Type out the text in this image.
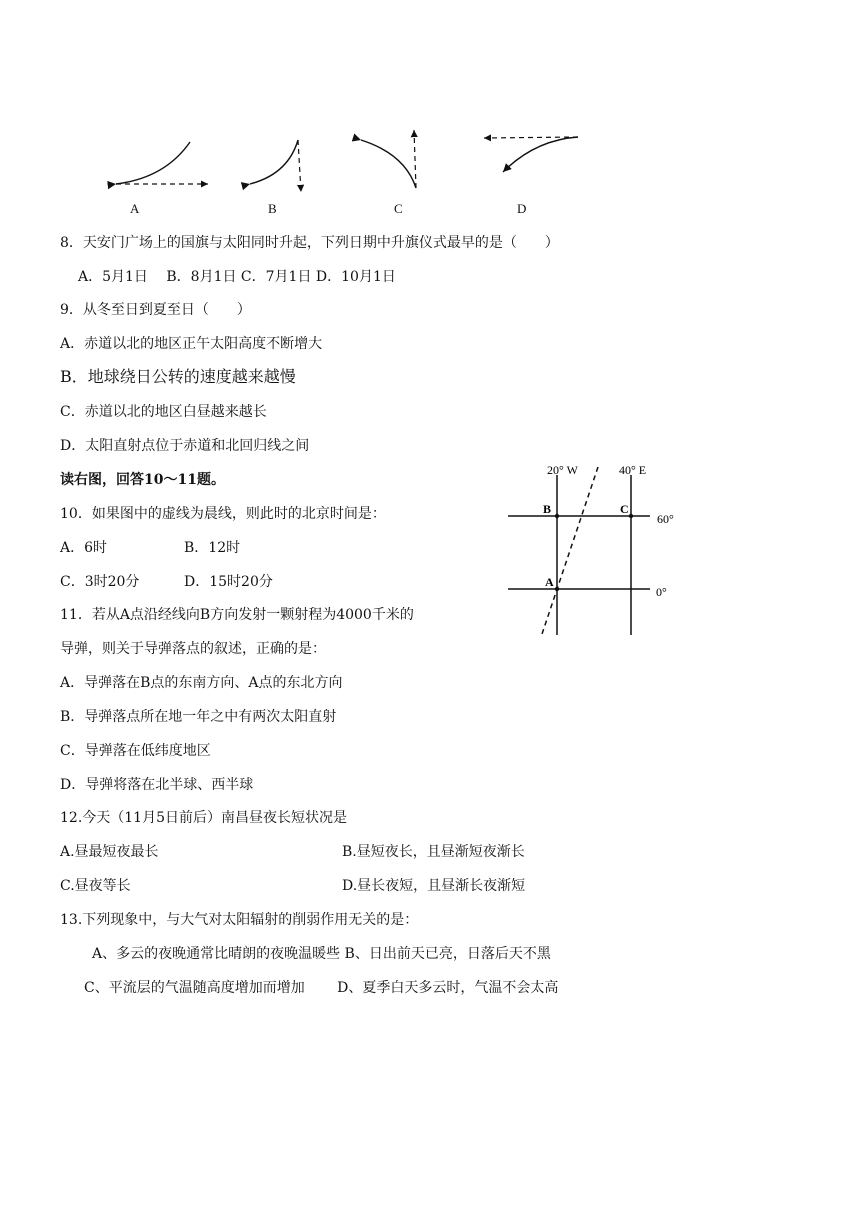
A	B	C	D
8．天安门广场上的国旗与太阳同时升起，下列日期中升旗仪式最早的是（　　）
A．5月1日　 B．8月1日 C．7月1日 D．10月1日
9．从冬至日到夏至日（　　）
A．赤道以北的地区正午太阳高度不断增大
B．地球绕日公转的速度越来越慢
C．赤道以北的地区白昼越来越长
D．太阳直射点位于赤道和北回归线之间
读右图，回答10～11题。
10．如果图中的虚线为晨线，则此时的北京时间是：
A．6时	B．12时
C．3时20分	D．15时20分
11．若从A点沿经线向B方向发射一颗射程为4000千米的
导弹，则关于导弹落点的叙述，正确的是：
A．导弹落在B点的东南方向、A点的东北方向
B．导弹落点所在地一年之中有两次太阳直射
C．导弹落在低纬度地区
D．导弹将落在北半球、西半球
12.今天（11月5日前后）南昌昼夜长短状况是
A.昼最短夜最长	B.昼短夜长，且昼渐短夜渐长
C.昼夜等长	D.昼长夜短，且昼渐长夜渐短
13.下列现象中，与大气对太阳辐射的削弱作用无关的是：
A、多云的夜晚通常比晴朗的夜晚温暖些 B、日出前天已亮，日落后天不黑
C、平流层的气温随高度增加而增加　　 D、夏季白天多云时，气温不会太高
20° W	40° E
60°
0°
B	C
A
